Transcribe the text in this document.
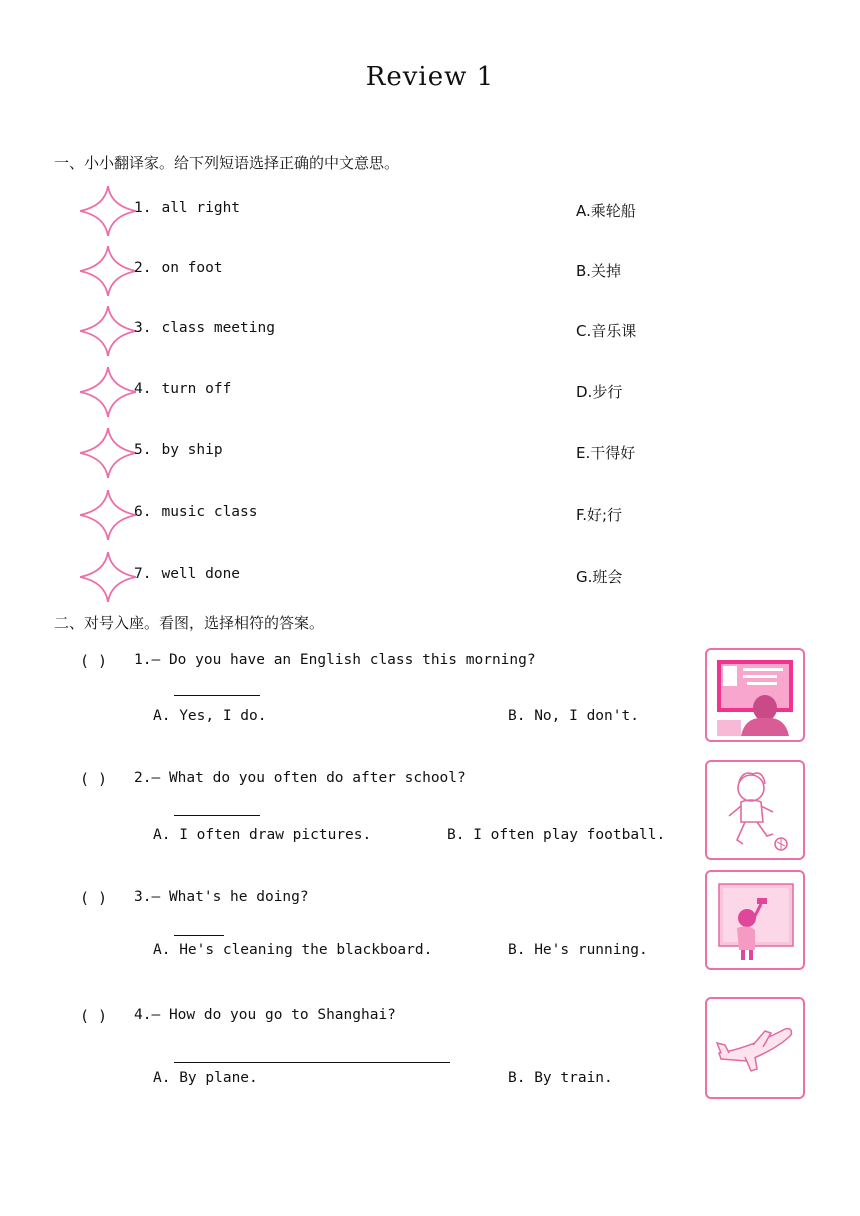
Review 1
一、小小翻译家。给下列短语选择正确的中文意思。
1. all right	A.乘轮船
2. on foot	B.关掉
3. class meeting	C.音乐课
4. turn off	D.步行
5. by ship	E.干得好
6. music class	F.好;行
7. well done	G.班会
二、对号入座。看图，选择相符的答案。
( ) 1.— Do you have an English class this morning?
A. Yes, I do.	B. No, I don't.
( ) 2.— What do you often do after school?
A. I often draw pictures.	B. I often play football.
( ) 3.— What's he doing?
A. He's cleaning the blackboard.	B. He's running.
( ) 4.— How do you go to Shanghai?
A. By plane.	B. By train.
